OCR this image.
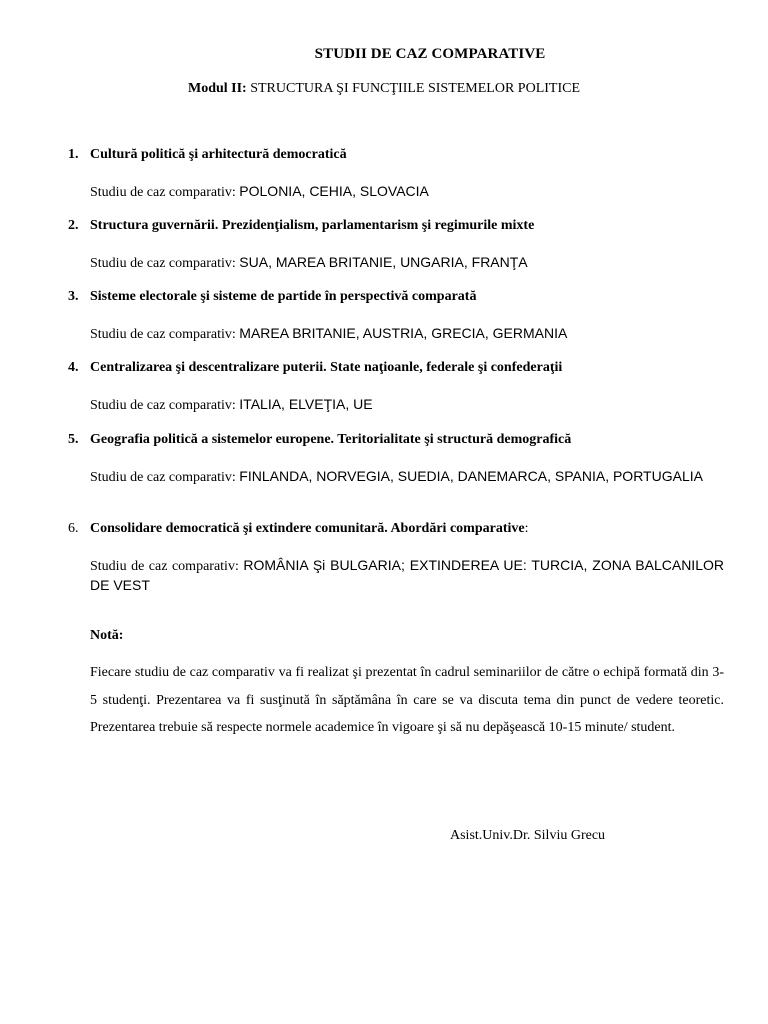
STUDII DE CAZ COMPARATIVE
Modul II: STRUCTURA ŞI FUNCŢIILE SISTEMELOR POLITICE
1. Cultură politică şi arhitectură democratică
Studiu de caz comparativ: POLONIA, CEHIA, SLOVACIA
2. Structura guvernării. Prezidenţialism, parlamentarism şi regimurile mixte
Studiu de caz comparativ: SUA, MAREA BRITANIE, UNGARIA, FRANŢA
3. Sisteme electorale şi sisteme de partide în perspectivă comparată
Studiu de caz comparativ: MAREA BRITANIE, AUSTRIA, GRECIA, GERMANIA
4. Centralizarea şi descentralizare puterii. State naţioanle, federale şi confederaţii
Studiu de caz comparativ: ITALIA, ELVEŢIA, UE
5. Geografia politică a sistemelor europene. Teritorialitate şi structură demografică
Studiu de caz comparativ: FINLANDA, NORVEGIA, SUEDIA, DANEMARCA, SPANIA, PORTUGALIA
6. Consolidare democratică şi extindere comunitară. Abordări comparative:
Studiu de caz comparativ: ROMÂNIA Şi BULGARIA; EXTINDEREA UE: TURCIA, ZONA BALCANILOR DE VEST
Notă:
Fiecare studiu de caz comparativ va fi realizat şi prezentat în cadrul seminariilor de către o echipă formată din 3-5 studenţi. Prezentarea va fi susţinută în săptămâna în care se va discuta tema din punct de vedere teoretic. Prezentarea trebuie să respecte normele academice în vigoare şi să nu depăşească 10-15 minute/ student.
Asist.Univ.Dr. Silviu Grecu
